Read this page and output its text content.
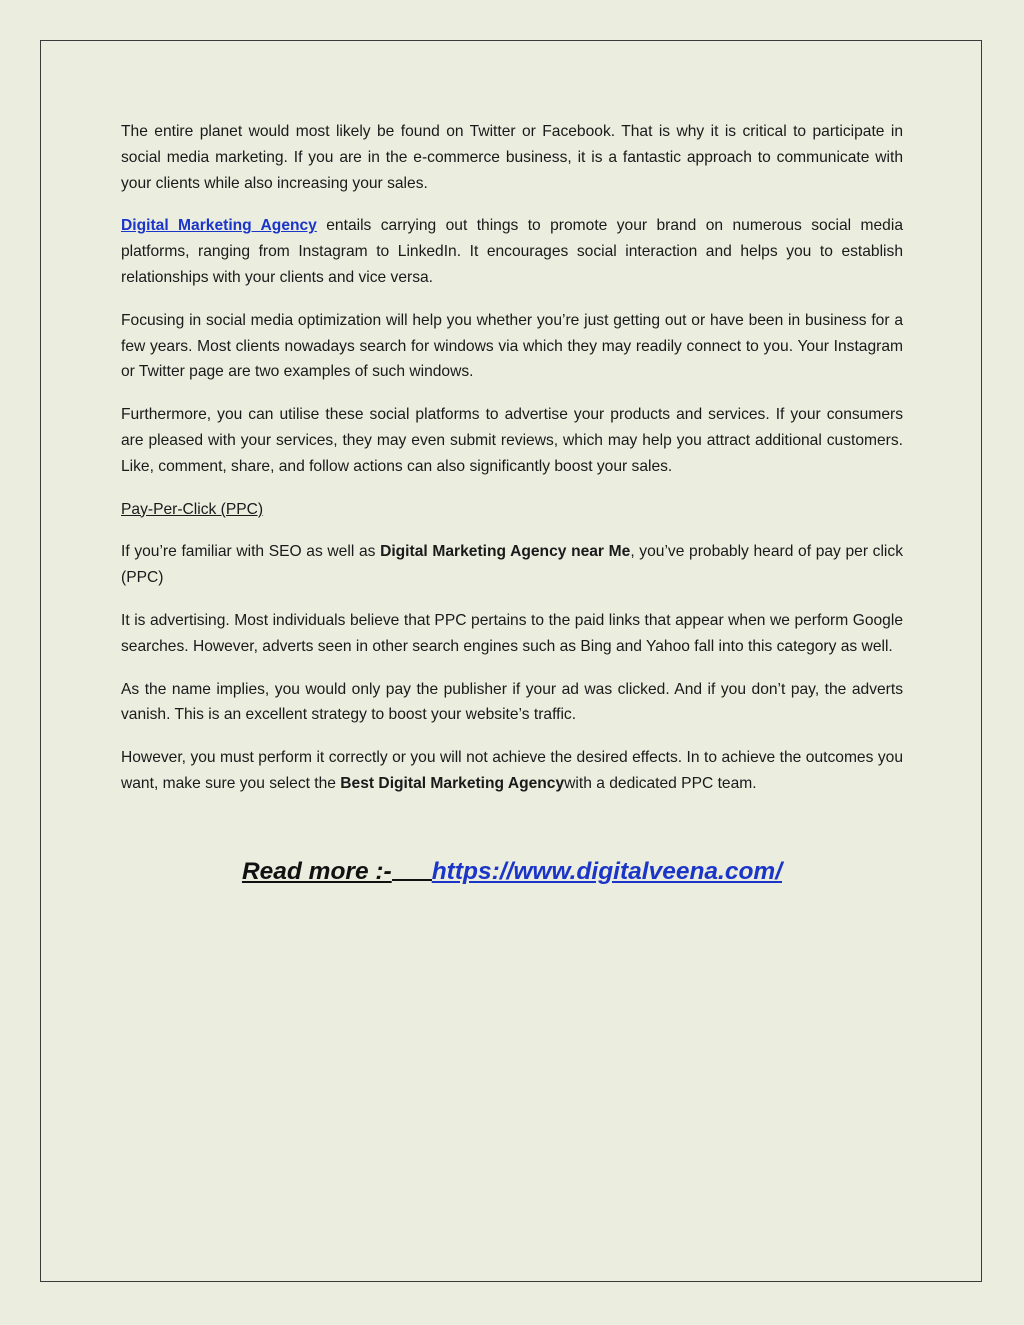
The entire planet would most likely be found on Twitter or Facebook. That is why it is critical to participate in social media marketing. If you are in the e-commerce business, it is a fantastic approach to communicate with your clients while also increasing your sales.

Digital Marketing Agency entails carrying out things to promote your brand on numerous social media platforms, ranging from Instagram to LinkedIn. It encourages social interaction and helps you to establish relationships with your clients and vice versa.

Focusing in social media optimization will help you whether you’re just getting out or have been in business for a few years. Most clients nowadays search for windows via which they may readily connect to you. Your Instagram or Twitter page are two examples of such windows.

Furthermore, you can utilise these social platforms to advertise your products and services. If your consumers are pleased with your services, they may even submit reviews, which may help you attract additional customers. Like, comment, share, and follow actions can also significantly boost your sales.

Pay-Per-Click (PPC)

If you’re familiar with SEO as well as Digital Marketing Agency near Me, you’ve probably heard of pay per click (PPC)

It is advertising. Most individuals believe that PPC pertains to the paid links that appear when we perform Google searches. However, adverts seen in other search engines such as Bing and Yahoo fall into this category as well.

As the name implies, you would only pay the publisher if your ad was clicked. And if you don’t pay, the adverts vanish. This is an excellent strategy to boost your website’s traffic.

However, you must perform it correctly or you will not achieve the desired effects. In to achieve the outcomes you want, make sure you select the Best Digital Marketing Agencywith a dedicated PPC team.

Read more :- https://www.digitalveena.com/
